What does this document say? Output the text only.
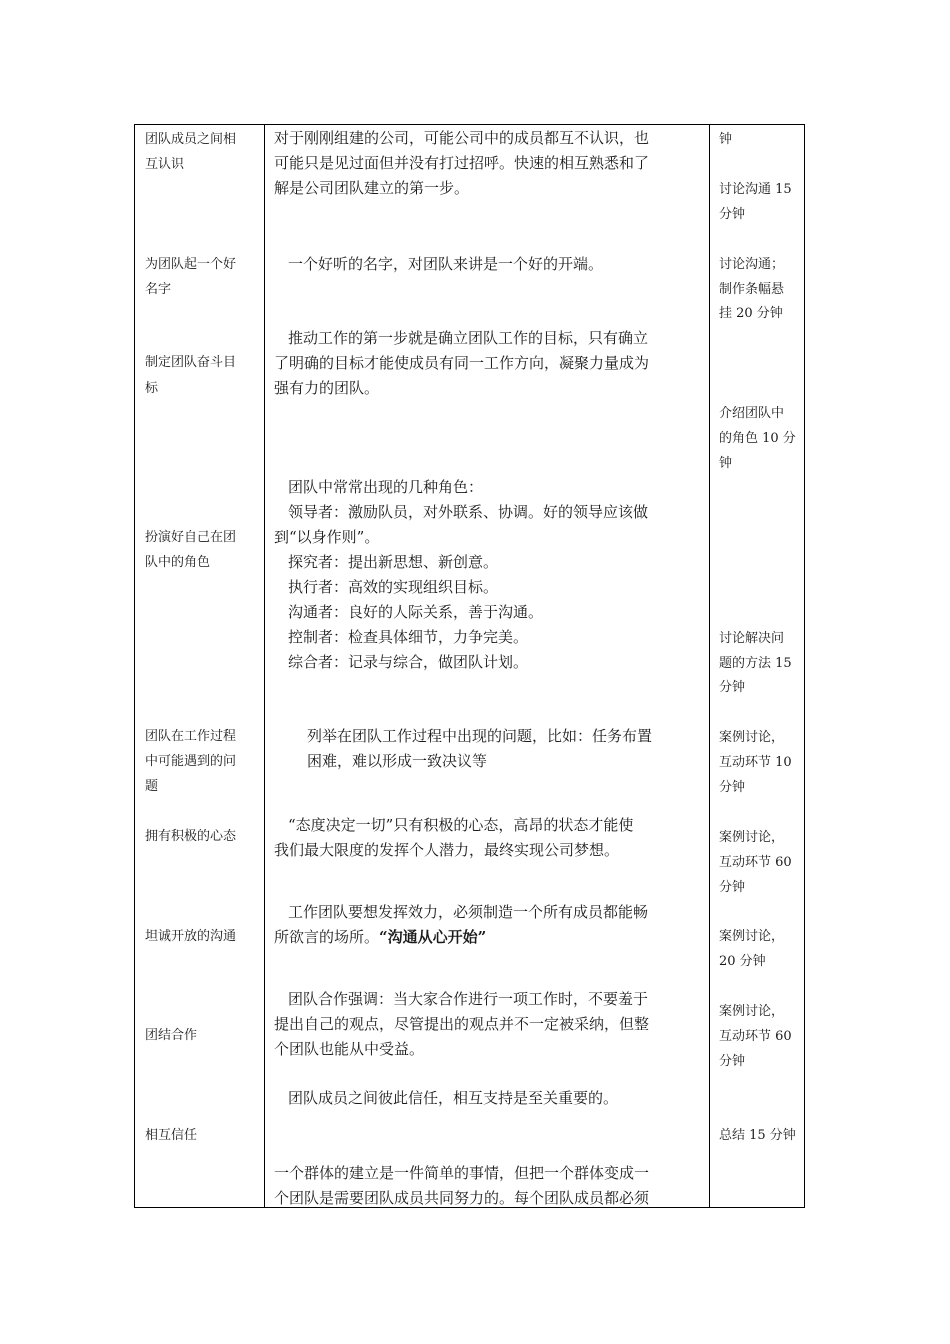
团队成员之间相
互认识
为团队起一个好
名字
制定团队奋斗目
标
扮演好自己在团
队中的角色
团队在工作过程
中可能遇到的问
题
拥有积极的心态
坦诚开放的沟通
团结合作
相互信任
对于刚刚组建的公司，可能公司中的成员都互不认识，也
可能只是见过面但并没有打过招呼。快速的相互熟悉和了
解是公司团队建立的第一步。
一个好听的名字，对团队来讲是一个好的开端。
推动工作的第一步就是确立团队工作的目标，只有确立
了明确的目标才能使成员有同一工作方向，凝聚力量成为
强有力的团队。
团队中常常出现的几种角色：
领导者：激励队员，对外联系、协调。好的领导应该做
到“以身作则”。
探究者：提出新思想、新创意。
执行者：高效的实现组织目标。
沟通者：良好的人际关系，善于沟通。
控制者：检查具体细节，力争完美。
综合者：记录与综合，做团队计划。
列举在团队工作过程中出现的问题，比如：任务布置
困难，难以形成一致决议等
“态度决定一切”只有积极的心态，高昂的状态才能使
我们最大限度的发挥个人潜力，最终实现公司梦想。
工作团队要想发挥效力，必须制造一个所有成员都能畅
所欲言的场所。“沟通从心开始”
团队合作强调：当大家合作进行一项工作时，不要羞于
提出自己的观点，尽管提出的观点并不一定被采纳，但整
个团队也能从中受益。
团队成员之间彼此信任，相互支持是至关重要的。
一个群体的建立是一件简单的事情，但把一个群体变成一
个团队是需要团队成员共同努力的。每个团队成员都必须
钟
讨论沟通 15
分钟
讨论沟通；
制作条幅悬
挂 20 分钟
介绍团队中
的角色 10 分
钟
讨论解决问
题的方法 15
分钟
案例讨论，
互动环节 10
分钟
案例讨论，
互动环节 60
分钟
案例讨论，
20 分钟
案例讨论，
互动环节 60
分钟
总结 15 分钟
